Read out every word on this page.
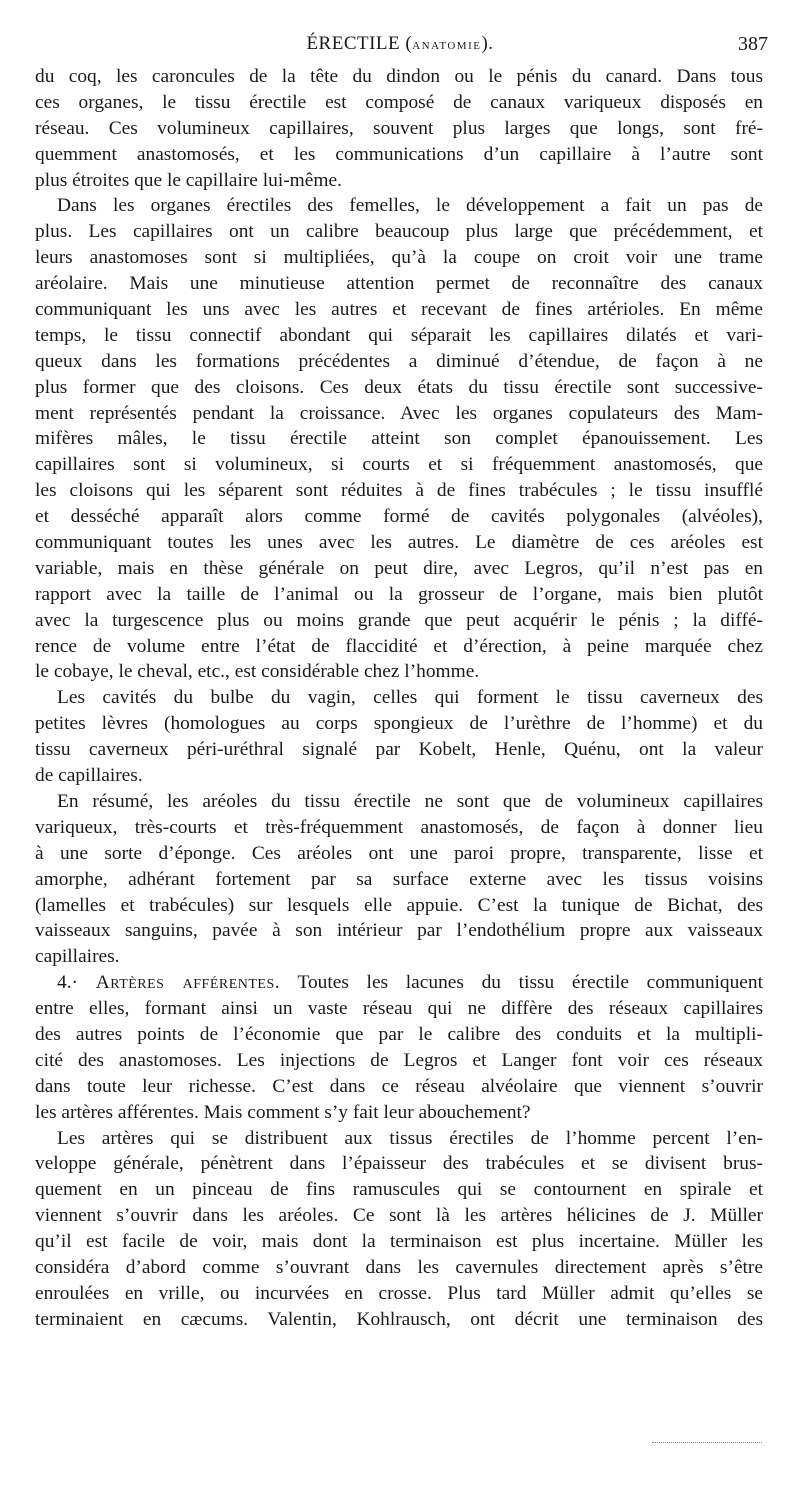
ÉRECTILE (anatomie).	387
du coq, les caroncules de la tête du dindon ou le pénis du canard. Dans tous
ces organes, le tissu érectile est composé de canaux variqueux disposés en
réseau. Ces volumineux capillaires, souvent plus larges que longs, sont fré-
quemment anastomosés, et les communications d’un capillaire à l’autre sont
plus étroites que le capillaire lui-même.
Dans les organes érectiles des femelles, le développement a fait un pas de
plus. Les capillaires ont un calibre beaucoup plus large que précédemment, et
leurs anastomoses sont si multipliées, qu’à la coupe on croit voir une trame
aréolaire. Mais une minutieuse attention permet de reconnaître des canaux
communiquant les uns avec les autres et recevant de fines artérioles. En même
temps, le tissu connectif abondant qui séparait les capillaires dilatés et vari-
queux dans les formations précédentes a diminué d’étendue, de façon à ne
plus former que des cloisons. Ces deux états du tissu érectile sont successive-
ment représentés pendant la croissance. Avec les organes copulateurs des Mam-
mifères mâles, le tissu érectile atteint son complet épanouissement. Les
capillaires sont si volumineux, si courts et si fréquemment anastomosés, que
les cloisons qui les séparent sont réduites à de fines trabécules ; le tissu insufflé
et desséché apparaît alors comme formé de cavités polygonales (alvéoles),
communiquant toutes les unes avec les autres. Le diamètre de ces aréoles est
variable, mais en thèse générale on peut dire, avec Legros, qu’il n’est pas en
rapport avec la taille de l’animal ou la grosseur de l’organe, mais bien plutôt
avec la turgescence plus ou moins grande que peut acquérir le pénis ; la diffé-
rence de volume entre l’état de flaccidité et d’érection, à peine marquée chez
le cobaye, le cheval, etc., est considérable chez l’homme.
Les cavités du bulbe du vagin, celles qui forment le tissu caverneux des
petites lèvres (homologues au corps spongieux de l’urèthre de l’homme) et du
tissu caverneux péri-uréthral signalé par Kobelt, Henle, Quénu, ont la valeur
de capillaires.
En résumé, les aréoles du tissu érectile ne sont que de volumineux capillaires
variqueux, très-courts et très-fréquemment anastomosés, de façon à donner lieu
à une sorte d’éponge. Ces aréoles ont une paroi propre, transparente, lisse et
amorphe, adhérant fortement par sa surface externe avec les tissus voisins
(lamelles et trabécules) sur lesquels elle appuie. C’est la tunique de Bichat, des
vaisseaux sanguins, pavée à son intérieur par l’endothélium propre aux vaisseaux
capillaires.
4.· Artères afférentes. Toutes les lacunes du tissu érectile communiquent
entre elles, formant ainsi un vaste réseau qui ne diffère des réseaux capillaires
des autres points de l’économie que par le calibre des conduits et la multipli-
cité des anastomoses. Les injections de Legros et Langer font voir ces réseaux
dans toute leur richesse. C’est dans ce réseau alvéolaire que viennent s’ouvrir
les artères afférentes. Mais comment s’y fait leur abouchement?
Les artères qui se distribuent aux tissus érectiles de l’homme percent l’en-
veloppe générale, pénètrent dans l’épaisseur des trabécules et se divisent brus-
quement en un pinceau de fins ramuscules qui se contournent en spirale et
viennent s’ouvrir dans les aréoles. Ce sont là les artères hélicines de J. Müller
qu’il est facile de voir, mais dont la terminaison est plus incertaine. Müller les
considéra d’abord comme s’ouvrant dans les cavernules directement après s’être
enroulées en vrille, ou incurvées en crosse. Plus tard Müller admit qu’elles se
terminaient en cæcums. Valentin, Kohlrausch, ont décrit une terminaison des
